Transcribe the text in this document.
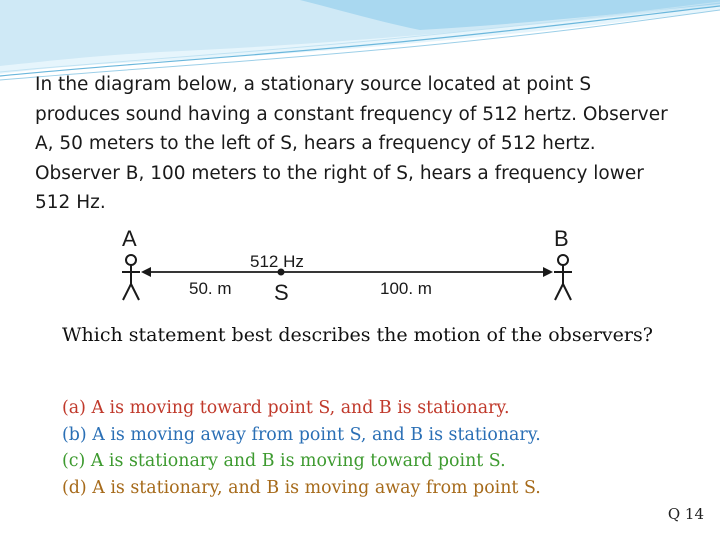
In the diagram below, a stationary source located at point S produces sound having a constant frequency of 512 hertz. Observer A, 50 meters to the left of S, hears a frequency of 512 hertz. Observer B, 100 meters to the right of S, hears a frequency lower 512 Hz.

A	B
512 Hz
S
50. m	100. m

Which statement best describes the motion of the observers?

(a) A is moving toward point S, and B is stationary.
(b) A is moving away from point S, and B is stationary.
(c) A is stationary and B is moving toward point S.
(d) A is stationary, and B is moving away from point S.
Q 14
